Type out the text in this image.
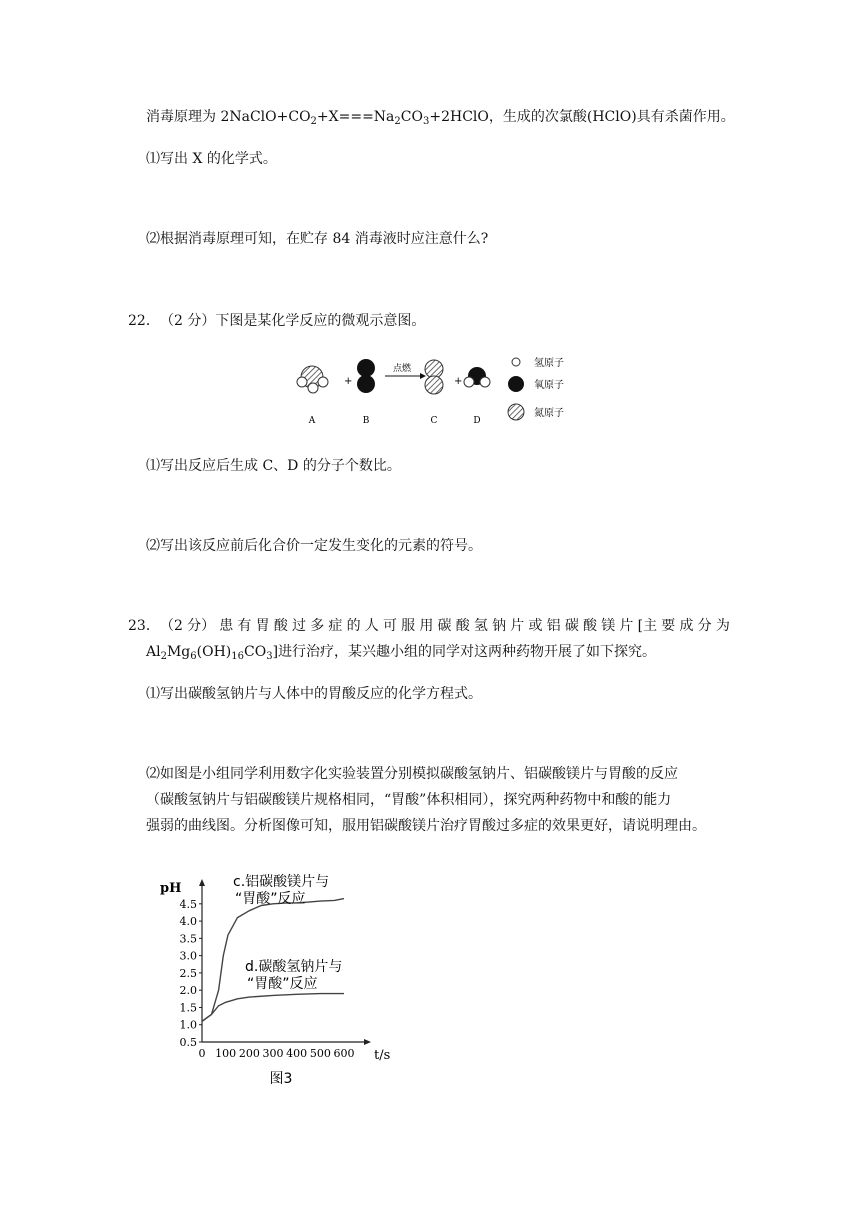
消毒原理为 $2NaClO+CO_2+X===Na_2CO_3+2HClO$，生成的次氯酸(HClO)具有杀菌作用。
⑴写出 X 的化学式。
⑵根据消毒原理可知，在贮存 84 消毒液时应注意什么?
22． （2 分）下图是某化学反应的微观示意图。
+
点燃
+
A	B	C	D
氢原子
氧原子
氮原子
⑴写出反应后生成 C、D 的分子个数比。
⑵写出该反应前后化合价一定发生变化的元素的符号。
23． （2 分） 患 有 胃 酸 过 多 症 的 人 可 服 用 碳 酸 氢 钠 片 或 铝 碳 酸 镁 片 [主 要 成 分 为
$Al_2Mg_6(OH)_{16}CO_3$]进行治疗，某兴趣小组的同学对这两种药物开展了如下探究。
⑴写出碳酸氢钠片与人体中的胃酸反应的化学方程式。
⑵如图是小组同学利用数字化实验装置分别模拟碳酸氢钠片、铝碳酸镁片与胃酸的反应
（碳酸氢钠片与铝碳酸镁片规格相同，“胃酸”体积相同），探究两种药物中和酸的能力
强弱的曲线图。分析图像可知，服用铝碳酸镁片治疗胃酸过多症的效果更好，请说明理由。
pH
t/s
图3
0.5
1.0
1.5
2.0
2.5
3.0
3.5
4.0
4.5
0 100 200 300 400 500 600
c.铝碳酸镁片与
“胃酸”反应
d.碳酸氢钠片与
“胃酸”反应
